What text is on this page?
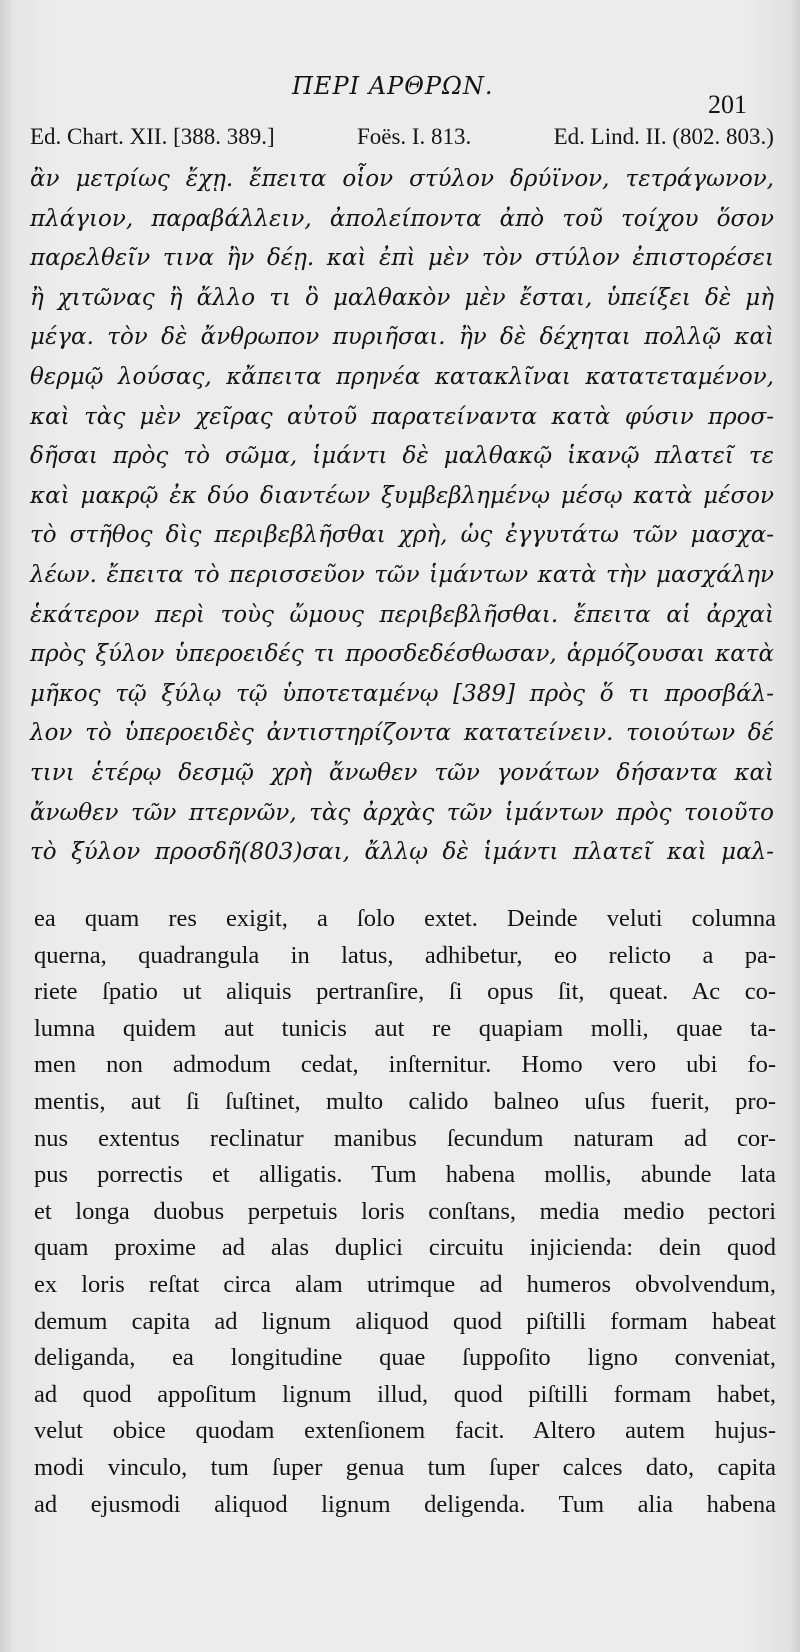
ΠΕΡΙ ΑΡΘΡΩΝ.
201
Ed. Chart. XII. [388. 389.]	Foës. I. 813.	Ed. Lind. II. (802. 803.)
ἂν μετρίως ἔχῃ. ἔπειτα οἷον στύλον δρύϊνον, τετράγωνον,
πλάγιον, παραβάλλειν, ἀπολείποντα ἀπὸ τοῦ τοίχου ὅσον
παρελθεῖν τινα ἢν δέῃ. καὶ ἐπὶ μὲν τὸν στύλον ἐπιστορέσει
ἢ χιτῶνας ἢ ἄλλο τι ὃ μαλθακὸν μὲν ἔσται, ὑπείξει δὲ μὴ
μέγα. τὸν δὲ ἄνθρωπον πυριῆσαι. ἢν δὲ δέχηται πολλῷ καὶ
θερμῷ λούσας, κἄπειτα πρηνέα κατακλῖναι κατατεταμένον,
καὶ τὰς μὲν χεῖρας αὐτοῦ παρατείναντα κατὰ φύσιν προσ-
δῆσαι πρὸς τὸ σῶμα, ἱμάντι δὲ μαλθακῷ ἱκανῷ πλατεῖ τε
καὶ μακρῷ ἐκ δύο διαντέων ξυμβεβλημένῳ μέσῳ κατὰ μέσον
τὸ στῆθος δὶς περιβεβλῆσθαι χρὴ, ὡς ἐγγυτάτω τῶν μασχα-
λέων. ἔπειτα τὸ περισσεῦον τῶν ἱμάντων κατὰ τὴν μασχάλην
ἑκάτερον περὶ τοὺς ὤμους περιβεβλῆσθαι. ἔπειτα αἱ ἀρχαὶ
πρὸς ξύλον ὑπεροειδές τι προσδεδέσθωσαν, ἁρμόζουσαι κατὰ
μῆκος τῷ ξύλῳ τῷ ὑποτεταμένῳ [389] πρὸς ὅ τι προσβάλ-
λον τὸ ὑπεροειδὲς ἀντιστηρίζοντα κατατείνειν. τοιούτων δέ
τινι ἑτέρῳ δεσμῷ χρὴ ἄνωθεν τῶν γονάτων δήσαντα καὶ
ἄνωθεν τῶν πτερνῶν, τὰς ἀρχὰς τῶν ἱμάντων πρὸς τοιοῦτο
τὸ ξύλον προσδῆ(803)σαι, ἄλλῳ δὲ ἱμάντι πλατεῖ καὶ μαλ-
ea quam res exigit, a ſolo extet. Deinde veluti columna
querna, quadrangula in latus, adhibetur, eo relicto a pa-
riete ſpatio ut aliquis pertranſire, ſi opus ſit, queat. Ac co-
lumna quidem aut tunicis aut re quapiam molli, quae ta-
men non admodum cedat, inſternitur. Homo vero ubi fo-
mentis, aut ſi ſuſtinet, multo calido balneo uſus fuerit, pro-
nus extentus reclinatur manibus ſecundum naturam ad cor-
pus porrectis et alligatis. Tum habena mollis, abunde lata
et longa duobus perpetuis loris conſtans, media medio pectori
quam proxime ad alas duplici circuitu injicienda: dein quod
ex loris reſtat circa alam utrimque ad humeros obvolvendum,
demum capita ad lignum aliquod quod piſtilli formam habeat
deliganda, ea longitudine quae ſuppoſito ligno conveniat,
ad quod appoſitum lignum illud, quod piſtilli formam habet,
velut obice quodam extenſionem facit. Altero autem hujus-
modi vinculo, tum ſuper genua tum ſuper calces dato, capita
ad ejusmodi aliquod lignum deligenda. Tum alia habena
